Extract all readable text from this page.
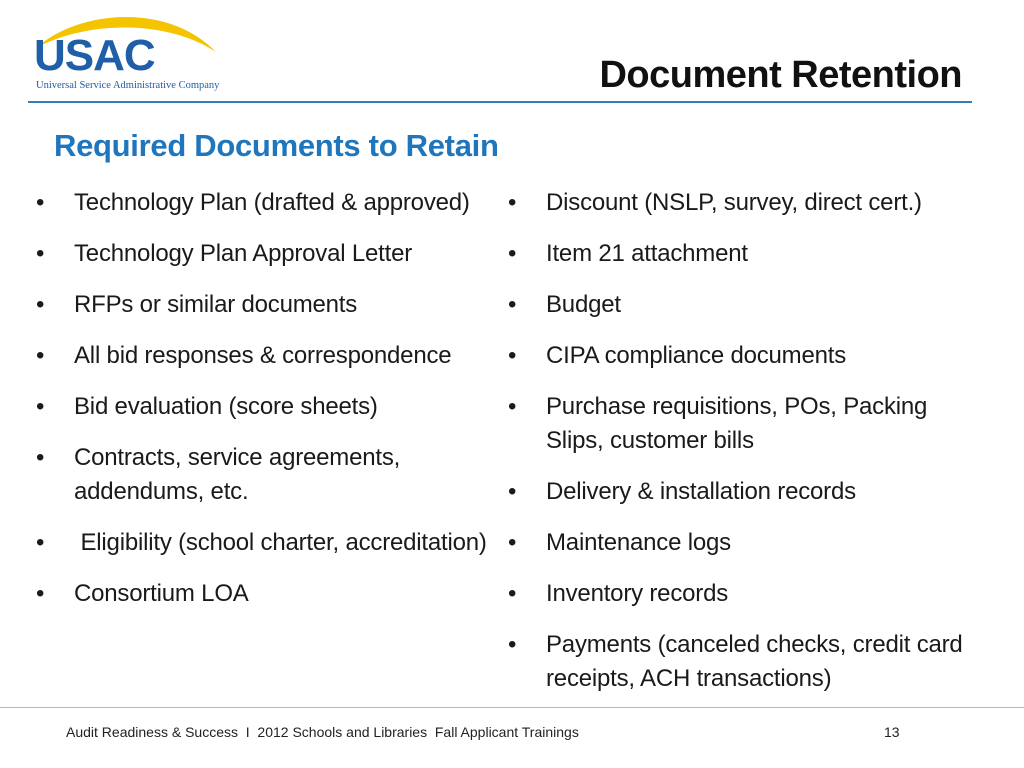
USAC
Universal Service Administrative Company	Document Retention
Required Documents to Retain
• Technology Plan (drafted & approved)
• Technology Plan Approval Letter
• RFPs or similar documents
• All bid responses & correspondence
• Bid evaluation (score sheets)
• Contracts, service agreements, addendums, etc.
•  Eligibility (school charter, accreditation)
• Consortium LOA
• Discount (NSLP, survey, direct cert.)
• Item 21 attachment
• Budget
• CIPA compliance documents
• Purchase requisitions, POs, Packing Slips, customer bills
• Delivery & installation records
• Maintenance logs
• Inventory records
• Payments (canceled checks, credit card receipts, ACH transactions)
Audit Readiness & Success  I  2012 Schools and Libraries  Fall Applicant Trainings	13
